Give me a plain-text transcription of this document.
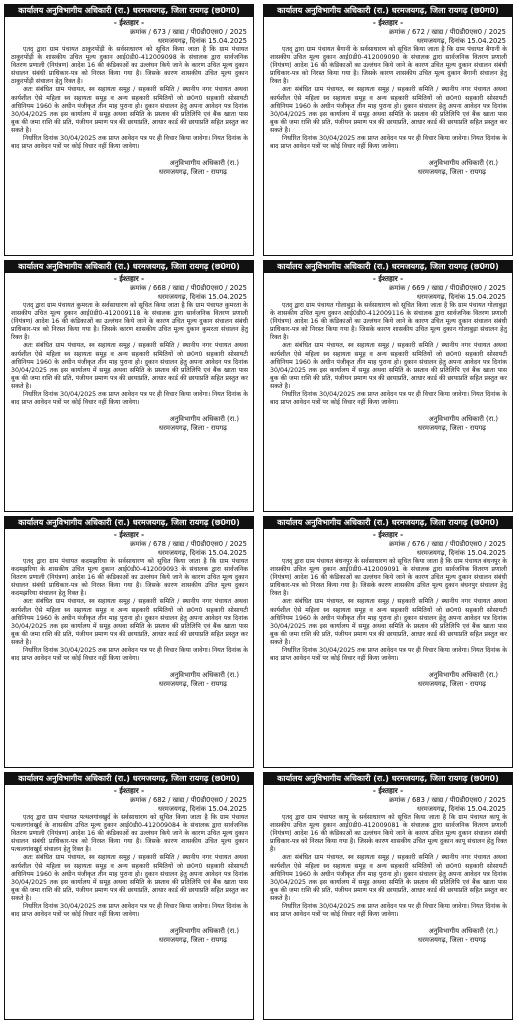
कार्यालय अनुविभागीय अधिकारी (रा.) धरमजयगढ़, जिला रायगढ़ (छ0ग0)
- ईश्तहार -
क्रमांक / 673 / खाद्य / पी0डी0एस0 / 2025
धरमजयगढ़, दिनांक 15.04.2025

एतद् द्वारा ग्राम पंचायत ठाकुरपोंड़ी के सर्वसाधारण को सूचित किया जाता है कि ग्राम पंचायत ठाकुरपोंड़ी के शासकीय उचित मूल्य दुकान आई0डी0-412009098 के संचालक द्वारा सार्वजनिक वितरण प्रणाली (नियंत्रण) आदेश 16 की कंडिकाओं का उल्लंघन किये जाने के कारण उचित मूल्य दुकान संचालन संबंधी प्राधिकार-पत्र को निरस्त किया गया है। जिसके कारण शासकीय उचित मूल्य दुकान ठाकुरपोंड़ी संचालन हेतु रिक्त है।

अतः संबंधित ग्राम पंचायत, स्व सहायता समूह / सहकारी समिति / स्थानीय नगर पंचायत अथवा कार्यशील ऐसे महिला स्व सहायता समूह व अन्य सहकारी समितियों जो छ0ग0 सहकारी सोसायटी अधिनियम 1960 के अधीन पंजीकृत तीन माह पुराना हो। दुकान संचालन हेतु अपना आवेदन पत्र दिनांक 30/04/2025 तक इस कार्यालय में समूह अथवा समिति के प्रस्ताव की प्रतिलिपि एवं बैंक खाता पास बुक की जमा राशि की प्रति, पंजीयन प्रमाण पत्र की छायाप्रति, आधार कार्ड की छायाप्रति सहित प्रस्तुत कर सकते है।

निर्धारित दिनांक 30/04/2025 तक प्राप्त आवेदन पत्र पर ही विचार किया जावेगा। नियत दिनांक के बाद प्राप्त आवेदन पत्रों पर कोई विचार नहीं किया जावेगा।

अनुविभागीय अधिकारी (रा.)
धरमजयगढ़, जिला - रायगढ़
कार्यालय अनुविभागीय अधिकारी (रा.) धरमजयगढ़, जिला रायगढ़ (छ0ग0)
- ईश्तहार -
क्रमांक / 672 / खाद्य / पी0डी0एस0 / 2025
धरमजयगढ़, दिनांक 15.04.2025

एतद् द्वारा ग्राम पंचायत बैगानी के सर्वसाधारण को सूचित किया जाता है कि ग्राम पंचायत बैगानी के शासकीय उचित मूल्य दुकान आई0डी0-412009090 के संचालक द्वारा सार्वजनिक वितरण प्रणाली (नियंत्रण) आदेश 16 की कंडिकाओं का उल्लंघन किये जाने के कारण उचित मूल्य दुकान संचालन संबंधी प्राधिकार-पत्र को निरस्त किया गया है। जिसके कारण शासकीय उचित मूल्य दुकान बैगानी संचालन हेतु रिक्त है।

अतः संबंधित ग्राम पंचायत, स्व सहायता समूह / सहकारी समिति / स्थानीय नगर पंचायत अथवा कार्यशील ऐसे महिला स्व सहायता समूह व अन्य सहकारी समितियों जो छ0ग0 सहकारी सोसायटी अधिनियम 1960 के अधीन पंजीकृत तीन माह पुराना हो। दुकान संचालन हेतु अपना आवेदन पत्र दिनांक 30/04/2025 तक इस कार्यालय में समूह अथवा समिति के प्रस्ताव की प्रतिलिपि एवं बैंक खाता पास बुक की जमा राशि की प्रति, पंजीयन प्रमाण पत्र की छायाप्रति, आधार कार्ड की छायाप्रति सहित प्रस्तुत कर सकते है।

निर्धारित दिनांक 30/04/2025 तक प्राप्त आवेदन पत्र पर ही विचार किया जावेगा। नियत दिनांक के बाद प्राप्त आवेदन पत्रों पर कोई विचार नहीं किया जावेगा।

अनुविभागीय अधिकारी (रा.)
धरमजयगढ़, जिला - रायगढ़
कार्यालय अनुविभागीय अधिकारी (रा.) धरमजयगढ़, जिला रायगढ़ (छ0ग0)
- ईश्तहार -
क्रमांक / 668 / खाद्य / पी0डी0एस0 / 2025
धरमजयगढ़, दिनांक 15.04.2025

एतद् द्वारा ग्राम पंचायत कुमरता के सर्वसाधारण को सूचित किया जाता है कि ग्राम पंचायत कुमरता के शासकीय उचित मूल्य दुकान आई0डी0-412009118 के संचालक द्वारा सार्वजनिक वितरण प्रणाली (नियंत्रण) आदेश 16 की कंडिकाओं का उल्लंघन किये जाने के कारण उचित मूल्य दुकान संचालन संबंधी प्राधिकार-पत्र को निरस्त किया गया है। जिसके कारण शासकीय उचित मूल्य दुकान कुमरता संचालन हेतु रिक्त है।

अतः संबंधित ग्राम पंचायत, स्व सहायता समूह / सहकारी समिति / स्थानीय नगर पंचायत अथवा कार्यशील ऐसे महिला स्व सहायता समूह व अन्य सहकारी समितियों जो छ0ग0 सहकारी सोसायटी अधिनियम 1960 के अधीन पंजीकृत तीन माह पुराना हो। दुकान संचालन हेतु अपना आवेदन पत्र दिनांक 30/04/2025 तक इस कार्यालय में समूह अथवा समिति के प्रस्ताव की प्रतिलिपि एवं बैंक खाता पास बुक की जमा राशि की प्रति, पंजीयन प्रमाण पत्र की छायाप्रति, आधार कार्ड की छायाप्रति सहित प्रस्तुत कर सकते है।

निर्धारित दिनांक 30/04/2025 तक प्राप्त आवेदन पत्र पर ही विचार किया जावेगा। नियत दिनांक के बाद प्राप्त आवेदन पत्रों पर कोई विचार नहीं किया जावेगा।

अनुविभागीय अधिकारी (रा.)
धरमजयगढ़, जिला - रायगढ़
कार्यालय अनुविभागीय अधिकारी (रा.) धरमजयगढ़, जिला रायगढ़ (छ0ग0)
- ईश्तहार -
क्रमांक / 669 / खाद्य / पी0डी0एस0 / 2025
धरमजयगढ़, दिनांक 15.04.2025

एतद् द्वारा ग्राम पंचायत गोलाबुड़ा के सर्वसाधारण को सूचित किया जाता है कि ग्राम पंचायत गोलाबुड़ा के शासकीय उचित मूल्य दुकान आई0डी0-412009116 के संचालक द्वारा सार्वजनिक वितरण प्रणाली (नियंत्रण) आदेश 16 की कंडिकाओं का उल्लंघन किये जाने के कारण उचित मूल्य दुकान संचालन संबंधी प्राधिकार-पत्र को निरस्त किया गया है। जिसके कारण शासकीय उचित मूल्य दुकान गोलाबुड़ा संचालन हेतु रिक्त है।

अतः संबंधित ग्राम पंचायत, स्व सहायता समूह / सहकारी समिति / स्थानीय नगर पंचायत अथवा कार्यशील ऐसे महिला स्व सहायता समूह व अन्य सहकारी समितियों जो छ0ग0 सहकारी सोसायटी अधिनियम 1960 के अधीन पंजीकृत तीन माह पुराना हो। दुकान संचालन हेतु अपना आवेदन पत्र दिनांक 30/04/2025 तक इस कार्यालय में समूह अथवा समिति के प्रस्ताव की प्रतिलिपि एवं बैंक खाता पास बुक की जमा राशि की प्रति, पंजीयन प्रमाण पत्र की छायाप्रति, आधार कार्ड की छायाप्रति सहित प्रस्तुत कर सकते है।

निर्धारित दिनांक 30/04/2025 तक प्राप्त आवेदन पत्र पर ही विचार किया जावेगा। नियत दिनांक के बाद प्राप्त आवेदन पत्रों पर कोई विचार नहीं किया जावेगा।

अनुविभागीय अधिकारी (रा.)
धरमजयगढ़, जिला - रायगढ़
कार्यालय अनुविभागीय अधिकारी (रा.) धरमजयगढ़, जिला रायगढ़ (छ0ग0)
- ईश्तहार -
क्रमांक / 678 / खाद्य / पी0डी0एस0 / 2025
धरमजयगढ़, दिनांक 15.04.2025

एतद् द्वारा ग्राम पंचायत कदमझरिया के सर्वसाधारण को सूचित किया जाता है कि ग्राम पंचायत कदमझरिया के शासकीय उचित मूल्य दुकान आई0डी0-412009093 के संचालक द्वारा सार्वजनिक वितरण प्रणाली (नियंत्रण) आदेश 16 की कंडिकाओं का उल्लंघन किये जाने के कारण उचित मूल्य दुकान संचालन संबंधी प्राधिकार-पत्र को निरस्त किया गया है। जिसके कारण शासकीय उचित मूल्य दुकान कदमझरिया संचालन हेतु रिक्त है।

अतः संबंधित ग्राम पंचायत, स्व सहायता समूह / सहकारी समिति / स्थानीय नगर पंचायत अथवा कार्यशील ऐसे महिला स्व सहायता समूह व अन्य सहकारी समितियों जो छ0ग0 सहकारी सोसायटी अधिनियम 1960 के अधीन पंजीकृत तीन माह पुराना हो। दुकान संचालन हेतु अपना आवेदन पत्र दिनांक 30/04/2025 तक इस कार्यालय में समूह अथवा समिति के प्रस्ताव की प्रतिलिपि एवं बैंक खाता पास बुक की जमा राशि की प्रति, पंजीयन प्रमाण पत्र की छायाप्रति, आधार कार्ड की छायाप्रति सहित प्रस्तुत कर सकते है।

निर्धारित दिनांक 30/04/2025 तक प्राप्त आवेदन पत्र पर ही विचार किया जावेगा। नियत दिनांक के बाद प्राप्त आवेदन पत्रों पर कोई विचार नहीं किया जावेगा।

अनुविभागीय अधिकारी (रा.)
धरमजयगढ़, जिला - रायगढ़
कार्यालय अनुविभागीय अधिकारी (रा.) धरमजयगढ़, जिला रायगढ़ (छ0ग0)
- ईश्तहार -
क्रमांक / 676 / खाद्य / पी0डी0एस0 / 2025
धरमजयगढ़, दिनांक 15.04.2025

एतद् द्वारा ग्राम पंचायत बंधनपुर के सर्वसाधारण को सूचित किया जाता है कि ग्राम पंचायत बंधनपुर के शासकीय उचित मूल्य दुकान आई0डी0-412009091 के संचालक द्वारा सार्वजनिक वितरण प्रणाली (नियंत्रण) आदेश 16 की कंडिकाओं का उल्लंघन किये जाने के कारण उचित मूल्य दुकान संचालन संबंधी प्राधिकार-पत्र को निरस्त किया गया है। जिसके कारण शासकीय उचित मूल्य दुकान बंधनपुर संचालन हेतु रिक्त है।

अतः संबंधित ग्राम पंचायत, स्व सहायता समूह / सहकारी समिति / स्थानीय नगर पंचायत अथवा कार्यशील ऐसे महिला स्व सहायता समूह व अन्य सहकारी समितियों जो छ0ग0 सहकारी सोसायटी अधिनियम 1960 के अधीन पंजीकृत तीन माह पुराना हो। दुकान संचालन हेतु अपना आवेदन पत्र दिनांक 30/04/2025 तक इस कार्यालय में समूह अथवा समिति के प्रस्ताव की प्रतिलिपि एवं बैंक खाता पास बुक की जमा राशि की प्रति, पंजीयन प्रमाण पत्र की छायाप्रति, आधार कार्ड की छायाप्रति सहित प्रस्तुत कर सकते है।

निर्धारित दिनांक 30/04/2025 तक प्राप्त आवेदन पत्र पर ही विचार किया जावेगा। नियत दिनांक के बाद प्राप्त आवेदन पत्रों पर कोई विचार नहीं किया जावेगा।

अनुविभागीय अधिकारी (रा.)
धरमजयगढ़, जिला - रायगढ़
कार्यालय अनुविभागीय अधिकारी (रा.) धरमजयगढ़, जिला रायगढ़ (छ0ग0)
- ईश्तहार -
क्रमांक / 682 / खाद्य / पी0डी0एस0 / 2025
धरमजयगढ़, दिनांक 15.04.2025

एतद् द्वारा ग्राम पंचायत पत्थलगांवखुर्द के सर्वसाधारण को सूचित किया जाता है कि ग्राम पंचायत पत्थलगांवखुर्द के शासकीय उचित मूल्य दुकान आई0डी0-412009084 के संचालक द्वारा सार्वजनिक वितरण प्रणाली (नियंत्रण) आदेश 16 की कंडिकाओं का उल्लंघन किये जाने के कारण उचित मूल्य दुकान संचालन संबंधी प्राधिकार-पत्र को निरस्त किया गया है। जिसके कारण शासकीय उचित मूल्य दुकान पत्थलगांवखुर्द संचालन हेतु रिक्त है।

अतः संबंधित ग्राम पंचायत, स्व सहायता समूह / सहकारी समिति / स्थानीय नगर पंचायत अथवा कार्यशील ऐसे महिला स्व सहायता समूह व अन्य सहकारी समितियों जो छ0ग0 सहकारी सोसायटी अधिनियम 1960 के अधीन पंजीकृत तीन माह पुराना हो। दुकान संचालन हेतु अपना आवेदन पत्र दिनांक 30/04/2025 तक इस कार्यालय में समूह अथवा समिति के प्रस्ताव की प्रतिलिपि एवं बैंक खाता पास बुक की जमा राशि की प्रति, पंजीयन प्रमाण पत्र की छायाप्रति, आधार कार्ड की छायाप्रति सहित प्रस्तुत कर सकते है।

निर्धारित दिनांक 30/04/2025 तक प्राप्त आवेदन पत्र पर ही विचार किया जावेगा। नियत दिनांक के बाद प्राप्त आवेदन पत्रों पर कोई विचार नहीं किया जावेगा।

अनुविभागीय अधिकारी (रा.)
धरमजयगढ़, जिला - रायगढ़
कार्यालय अनुविभागीय अधिकारी (रा.) धरमजयगढ़, जिला रायगढ़ (छ0ग0)
- ईश्तहार -
क्रमांक / 683 / खाद्य / पी0डी0एस0 / 2025
धरमजयगढ़, दिनांक 15.04.2025

एतद् द्वारा ग्राम पंचायत कापू के सर्वसाधारण को सूचित किया जाता है कि ग्राम पंचायत कापू के शासकीय उचित मूल्य दुकान आई0डी0-412009081 के संचालक द्वारा सार्वजनिक वितरण प्रणाली (नियंत्रण) आदेश 16 की कंडिकाओं का उल्लंघन किये जाने के कारण उचित मूल्य दुकान संचालन संबंधी प्राधिकार-पत्र को निरस्त किया गया है। जिसके कारण शासकीय उचित मूल्य दुकान कापू संचालन हेतु रिक्त है।

अतः संबंधित ग्राम पंचायत, स्व सहायता समूह / सहकारी समिति / स्थानीय नगर पंचायत अथवा कार्यशील ऐसे महिला स्व सहायता समूह व अन्य सहकारी समितियों जो छ0ग0 सहकारी सोसायटी अधिनियम 1960 के अधीन पंजीकृत तीन माह पुराना हो। दुकान संचालन हेतु अपना आवेदन पत्र दिनांक 30/04/2025 तक इस कार्यालय में समूह अथवा समिति के प्रस्ताव की प्रतिलिपि एवं बैंक खाता पास बुक की जमा राशि की प्रति, पंजीयन प्रमाण पत्र की छायाप्रति, आधार कार्ड की छायाप्रति सहित प्रस्तुत कर सकते है।

निर्धारित दिनांक 30/04/2025 तक प्राप्त आवेदन पत्र पर ही विचार किया जावेगा। नियत दिनांक के बाद प्राप्त आवेदन पत्रों पर कोई विचार नहीं किया जावेगा।

अनुविभागीय अधिकारी (रा.)
धरमजयगढ़, जिला - रायगढ़
